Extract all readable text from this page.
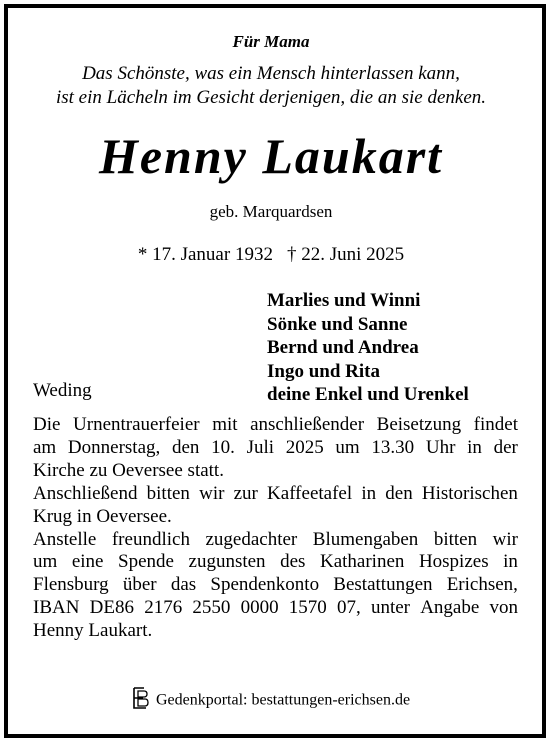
Für Mama
Das Schönste, was ein Mensch hinterlassen kann,
ist ein Lächeln im Gesicht derjenigen, die an sie denken.
Henny Laukart
geb. Marquardsen
* 17. Januar 1932 † 22. Juni 2025
Marlies und Winni
Sönke und Sanne
Bernd und Andrea
Ingo und Rita
deine Enkel und Urenkel
Weding
Die Urnentrauerfeier mit anschließender Beisetzung findet
am Donnerstag, den 10. Juli 2025 um 13.30 Uhr in der
Kirche zu Oeversee statt.
Anschließend bitten wir zur Kaffeetafel in den Historischen
Krug in Oeversee.
Anstelle freundlich zugedachter Blumengaben bitten wir
um eine Spende zugunsten des Katharinen Hospizes in
Flensburg über das Spendenkonto Bestattungen Erichsen,
IBAN DE86 2176 2550 0000 1570 07, unter Angabe von
Henny Laukart.
Gedenkportal: bestattungen-erichsen.de
